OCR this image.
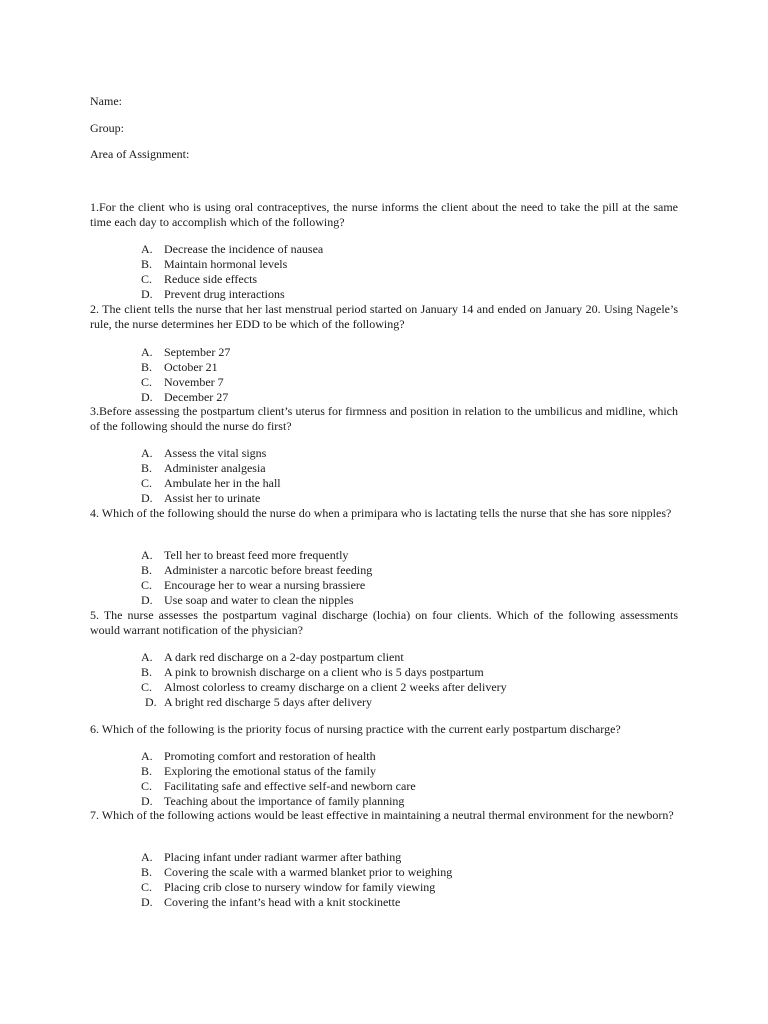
Name:
Group:
Area of Assignment:
1.For the client who is using oral contraceptives, the nurse informs the client about the need to take the pill at the same time each day to accomplish which of the following?
A. Decrease the incidence of nausea
B. Maintain hormonal levels
C. Reduce side effects
D. Prevent drug interactions
2. The client tells the nurse that her last menstrual period started on January 14 and ended on January 20. Using Nagele’s rule, the nurse determines her EDD to be which of the following?
A. September 27
B. October 21
C. November 7
D. December 27
3.Before assessing the postpartum client’s uterus for firmness and position in relation to the umbilicus and midline, which of the following should the nurse do first?
A. Assess the vital signs
B. Administer analgesia
C. Ambulate her in the hall
D. Assist her to urinate
4. Which of the following should the nurse do when a primipara who is lactating tells the nurse that she has sore nipples?
A. Tell her to breast feed more frequently
B. Administer a narcotic before breast feeding
C. Encourage her to wear a nursing brassiere
D. Use soap and water to clean the nipples
5. The nurse assesses the postpartum vaginal discharge (lochia) on four clients. Which of the following assessments would warrant notification of the physician?
A. A dark red discharge on a 2-day postpartum client
B. A pink to brownish discharge on a client who is 5 days postpartum
C. Almost colorless to creamy discharge on a client 2 weeks after delivery
D. A bright red discharge 5 days after delivery
6. Which of the following is the priority focus of nursing practice with the current early postpartum discharge?
A. Promoting comfort and restoration of health
B. Exploring the emotional status of the family
C. Facilitating safe and effective self-and newborn care
D. Teaching about the importance of family planning
7. Which of the following actions would be least effective in maintaining a neutral thermal environment for the newborn?
A. Placing infant under radiant warmer after bathing
B. Covering the scale with a warmed blanket prior to weighing
C. Placing crib close to nursery window for family viewing
D. Covering the infant’s head with a knit stockinette
